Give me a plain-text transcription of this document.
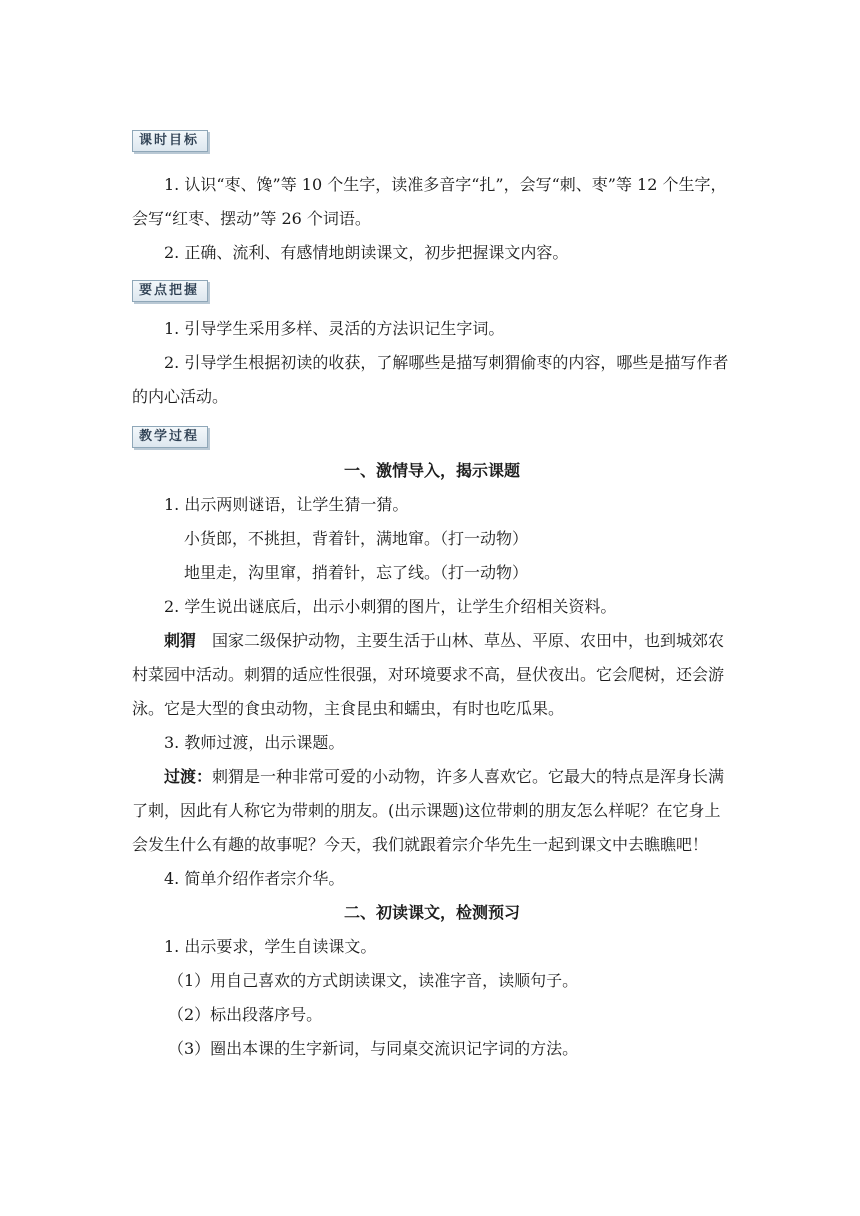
课时目标

1. 认识“枣、馋”等 10 个生字，读准多音字“扎”，会写“刺、枣”等 12 个生字，会写“红枣、摆动”等 26 个词语。

2. 正确、流利、有感情地朗读课文，初步把握课文内容。

要点把握

1. 引导学生采用多样、灵活的方法识记生字词。

2. 引导学生根据初读的收获，了解哪些是描写刺猬偷枣的内容，哪些是描写作者的内心活动。

教学过程

一、激情导入，揭示课题

1. 出示两则谜语，让学生猜一猜。

小货郎，不挑担，背着针，满地窜。（打一动物）

地里走，沟里窜，捎着针，忘了线。（打一动物）

2. 学生说出谜底后，出示小刺猬的图片，让学生介绍相关资料。

刺猬 国家二级保护动物，主要生活于山林、草丛、平原、农田中，也到城郊农村菜园中活动。刺猬的适应性很强，对环境要求不高，昼伏夜出。它会爬树，还会游泳。它是大型的食虫动物，主食昆虫和蠕虫，有时也吃瓜果。

3. 教师过渡，出示课题。

过渡：刺猬是一种非常可爱的小动物，许多人喜欢它。它最大的特点是浑身长满了刺，因此有人称它为带刺的朋友。(出示课题)这位带刺的朋友怎么样呢？在它身上会发生什么有趣的故事呢？今天，我们就跟着宗介华先生一起到课文中去瞧瞧吧！

4. 简单介绍作者宗介华。

二、初读课文，检测预习

1. 出示要求，学生自读课文。

（1）用自己喜欢的方式朗读课文，读准字音，读顺句子。

（2）标出段落序号。

（3）圈出本课的生字新词，与同桌交流识记字词的方法。
